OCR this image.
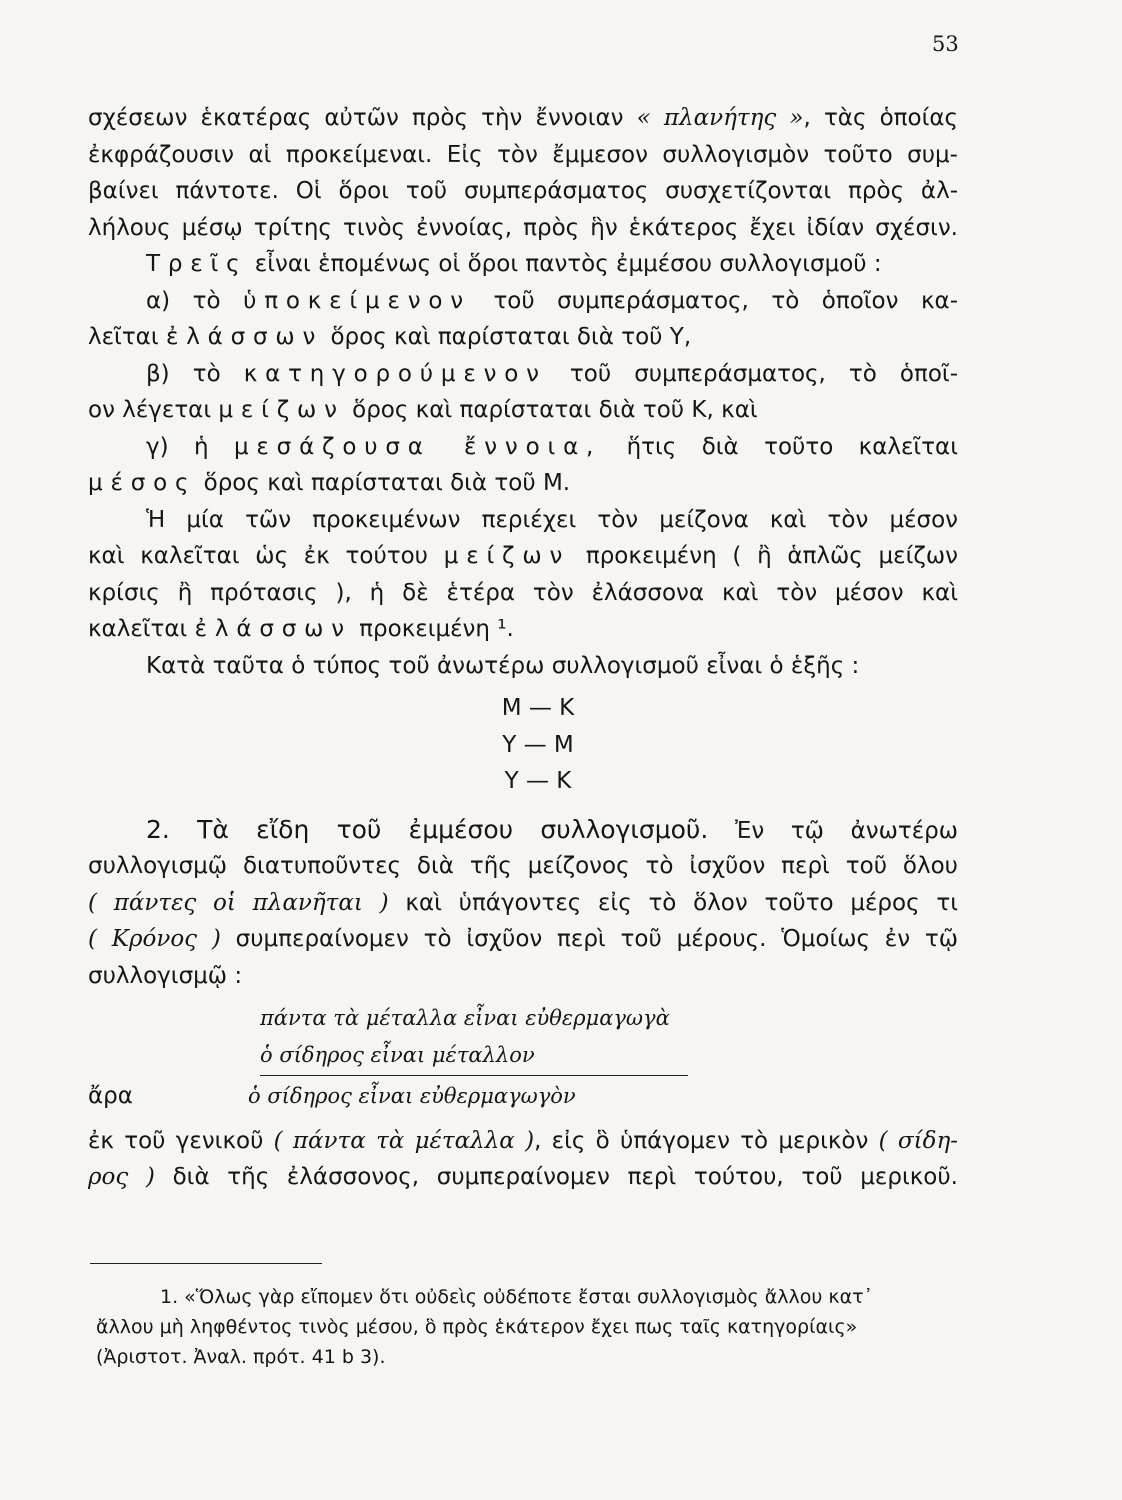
53
σχέσεων ἑκατέρας αὐτῶν πρὸς τὴν ἔννοιαν « πλανήτης », τὰς ὁποίας
ἐκφράζουσιν αἱ προκείμεναι. Εἰς τὸν ἔμμεσον συλλογισμὸν τοῦτο συμ-
βαίνει πάντοτε. Οἱ ὅροι τοῦ συμπεράσματος συσχετίζονται πρὸς ἀλ-
λήλους μέσῳ τρίτης τινὸς ἐννοίας, πρὸς ἣν ἑκάτερος ἔχει ἰδίαν σχέσιν.
Τρεῖς εἶναι ἑπομένως οἱ ὅροι παντὸς ἐμμέσου συλλογισμοῦ :
α) τὸ ὑποκείμενον τοῦ συμπεράσματος, τὸ ὁποῖον κα-
λεῖται ἐλάσσων ὅρος καὶ παρίσταται διὰ τοῦ Υ,
β) τὸ κατηγορούμενον τοῦ συμπεράσματος, τὸ ὁποῖ-
ον λέγεται μείζων ὅρος καὶ παρίσταται διὰ τοῦ Κ, καὶ
γ) ἡ μεσάζουσα ἔννοια, ἥτις διὰ τοῦτο καλεῖται
μέσος ὅρος καὶ παρίσταται διὰ τοῦ Μ.
Ἡ μία τῶν προκειμένων περιέχει τὸν μείζονα καὶ τὸν μέσον
καὶ καλεῖται ὡς ἐκ τούτου μείζων προκειμένη ( ἢ ἁπλῶς μείζων
κρίσις ἢ πρότασις ), ἡ δὲ ἑτέρα τὸν ἐλάσσονα καὶ τὸν μέσον καὶ
καλεῖται ἐλάσσων προκειμένη ¹.
Κατὰ ταῦτα ὁ τύπος τοῦ ἀνωτέρω συλλογισμοῦ εἶναι ὁ ἑξῆς :
Μ — Κ
Υ — Μ
Υ — Κ
2. Τὰ εἴδη τοῦ ἐμμέσου συλλογισμοῦ. Ἐν τῷ ἀνωτέρω
συλλογισμῷ διατυποῦντες διὰ τῆς μείζονος τὸ ἰσχῦον περὶ τοῦ ὅλου
( πάντες οἱ πλανῆται ) καὶ ὑπάγοντες εἰς τὸ ὅλον τοῦτο μέρος τι
( Κρόνος ) συμπεραίνομεν τὸ ἰσχῦον περὶ τοῦ μέρους. Ὁμοίως ἐν τῷ
συλλογισμῷ :
πάντα τὰ μέταλλα εἶναι εὐθερμαγωγὰ
ὁ σίδηρος εἶναι μέταλλον
ἄρα	ὁ σίδηρος εἶναι εὐθερμαγωγὸν
ἐκ τοῦ γενικοῦ ( πάντα τὰ μέταλλα ), εἰς ὃ ὑπάγομεν τὸ μερικὸν ( σίδη-
ρος ) διὰ τῆς ἐλάσσονος, συμπεραίνομεν περὶ τούτου, τοῦ μερικοῦ.
1. «Ὅλως γὰρ εἴπομεν ὅτι οὐδεὶς οὐδέποτε ἔσται συλλογισμὸς ἄλλου κατ᾽
ἄλλου μὴ ληφθέντος τινὸς μέσου, ὃ πρὸς ἑκάτερον ἔχει πως ταῖς κατηγορίαις»
(Ἀριστοτ. Ἀναλ. πρότ. 41 b 3).
